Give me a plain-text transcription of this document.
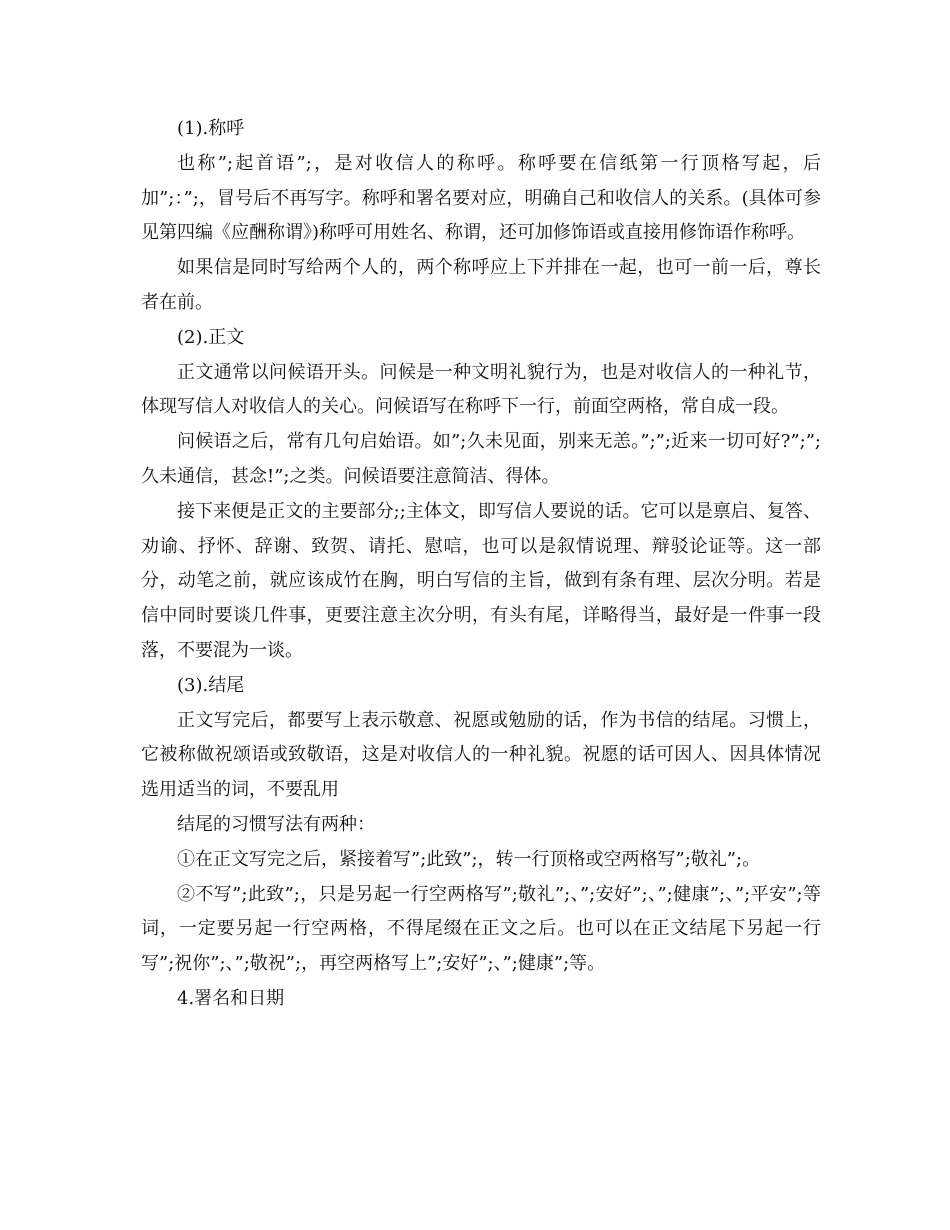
(1).称呼

也称”;起首语”;，是对收信人的称呼。称呼要在信纸第一行顶格写起，后加”;：”;，冒号后不再写字。称呼和署名要对应，明确自己和收信人的关系。(具体可参见第四编《应酬称谓》)称呼可用姓名、称谓，还可加修饰语或直接用修饰语作称呼。

如果信是同时写给两个人的，两个称呼应上下并排在一起，也可一前一后，尊长者在前。

(2).正文

正文通常以问候语开头。问候是一种文明礼貌行为，也是对收信人的一种礼节，体现写信人对收信人的关心。问候语写在称呼下一行，前面空两格，常自成一段。

问候语之后，常有几句启始语。如”;久未见面，别来无恙。”;”;近来一切可好?”;”;久未通信，甚念!”;之类。问候语要注意简洁、得体。

接下来便是正文的主要部分;;主体文，即写信人要说的话。它可以是禀启、复答、劝谕、抒怀、辞谢、致贺、请托、慰唁，也可以是叙情说理、辩驳论证等。这一部分，动笔之前，就应该成竹在胸，明白写信的主旨，做到有条有理、层次分明。若是信中同时要谈几件事，更要注意主次分明，有头有尾，详略得当，最好是一件事一段落，不要混为一谈。

(3).结尾

正文写完后，都要写上表示敬意、祝愿或勉励的话，作为书信的结尾。习惯上，它被称做祝颂语或致敬语，这是对收信人的一种礼貌。祝愿的话可因人、因具体情况选用适当的词，不要乱用

结尾的习惯写法有两种：

①在正文写完之后，紧接着写”;此致”;，转一行顶格或空两格写”;敬礼”;。

②不写”;此致”;，只是另起一行空两格写”;敬礼”;、”;安好”;、”;健康”;、”;平安”;等词，一定要另起一行空两格，不得尾缀在正文之后。也可以在正文结尾下另起一行写”;祝你”;、”;敬祝”;，再空两格写上”;安好”;、”;健康”;等。

4.署名和日期
